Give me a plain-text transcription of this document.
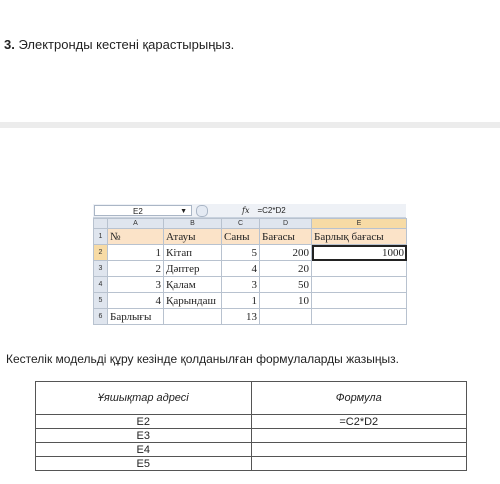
3. Электронды кестені қарастырыңыз.
E2	▼	fx =C2*D2
	A	B	C	D	E
1	№	Атауы	Саны	Бағасы	Барлық бағасы
2	1	Кітап	5	200	1000
3	2	Дәптер	4	20	
4	3	Қалам	3	50	
5	4	Қарындаш	1	10	
6	Барлығы		13		
Кестелік модельді құру кезінде қолданылған формулаларды жазыңыз.
Ұяшықтар адресі	Формула
E2	=C2*D2
E3	
E4	
E5	
